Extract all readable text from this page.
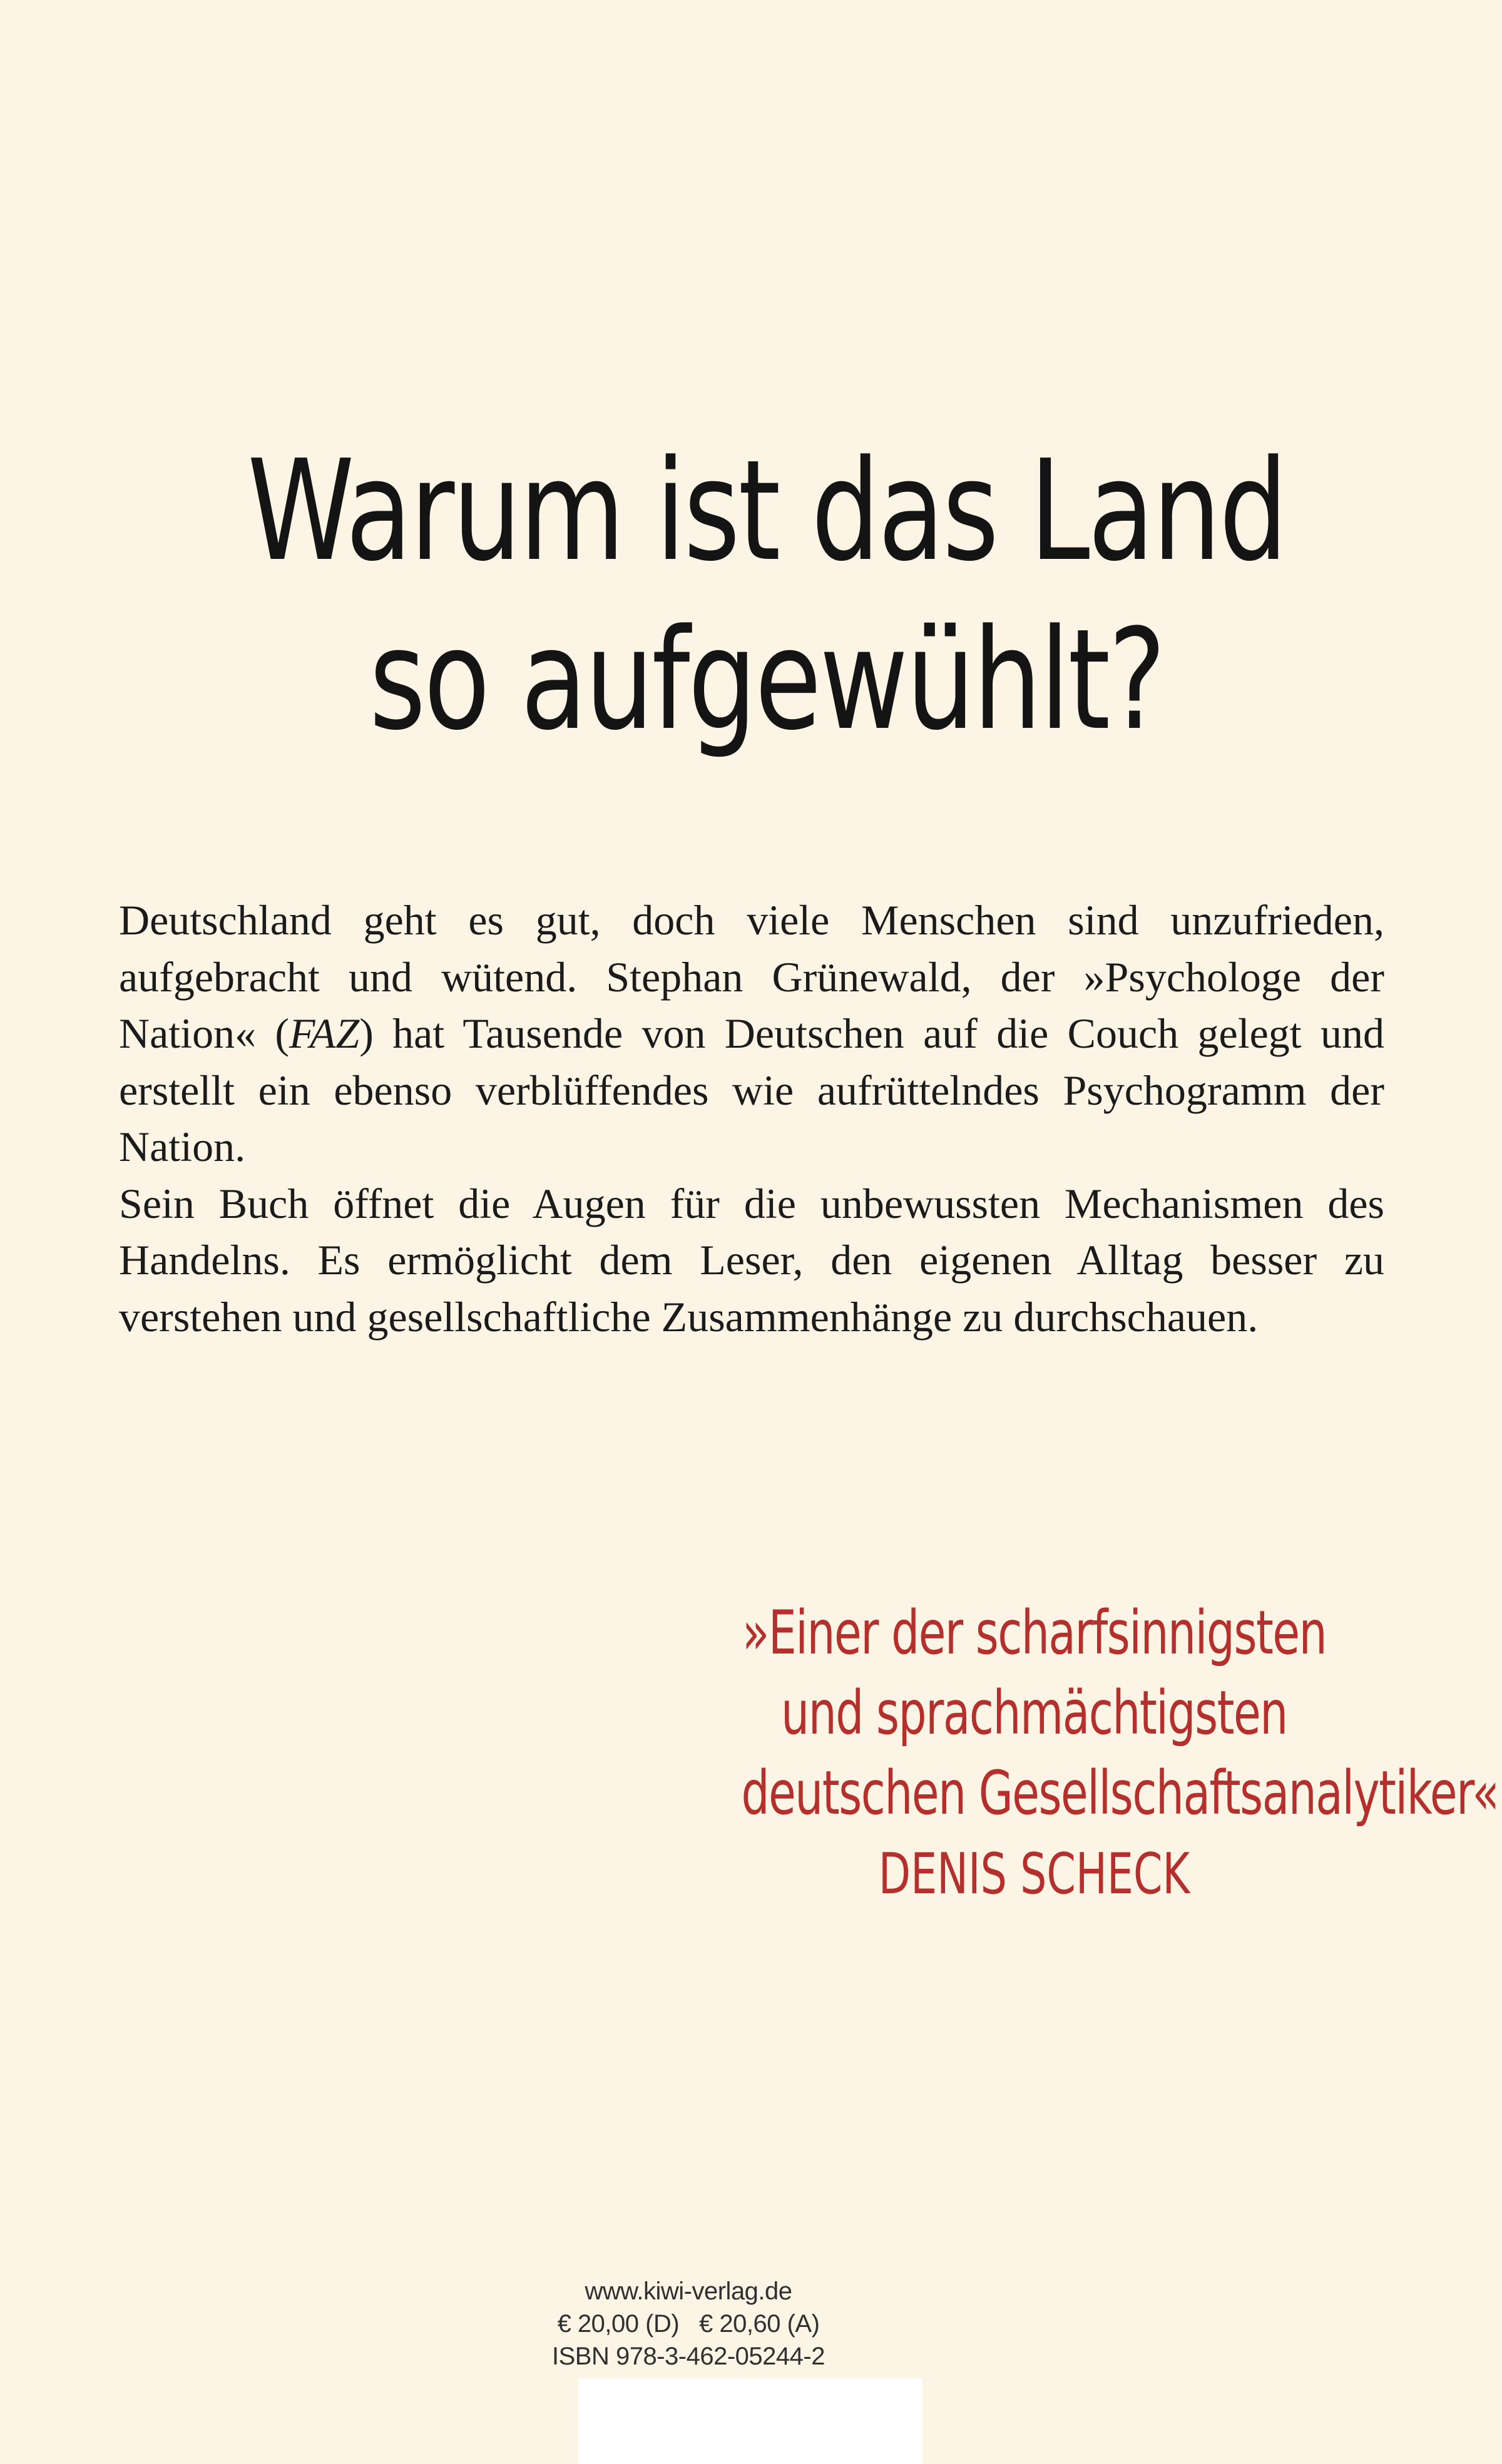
Warum ist das Land
so aufgewühlt?

Deutschland geht es gut, doch viele Menschen sind unzufrieden, aufgebracht und wütend. Stephan Grünewald, der »Psychologe der Nation« (FAZ) hat Tausende von Deutschen auf die Couch gelegt und erstellt ein ebenso verblüffendes wie aufrüttelndes Psychogramm der Nation.

Sein Buch öffnet die Augen für die unbewussten Mechanismen des Handelns. Es ermöglicht dem Leser, den eigenen Alltag besser zu verstehen und gesellschaftliche Zusammenhänge zu durchschauen.

»Einer der scharfsinnigsten
und sprachmächtigsten
deutschen Gesellschaftsanalytiker«
DENIS SCHECK
www.kiwi-verlag.de
€ 20,00 (D)   € 20,60 (A)
ISBN 978-3-462-05244-2
